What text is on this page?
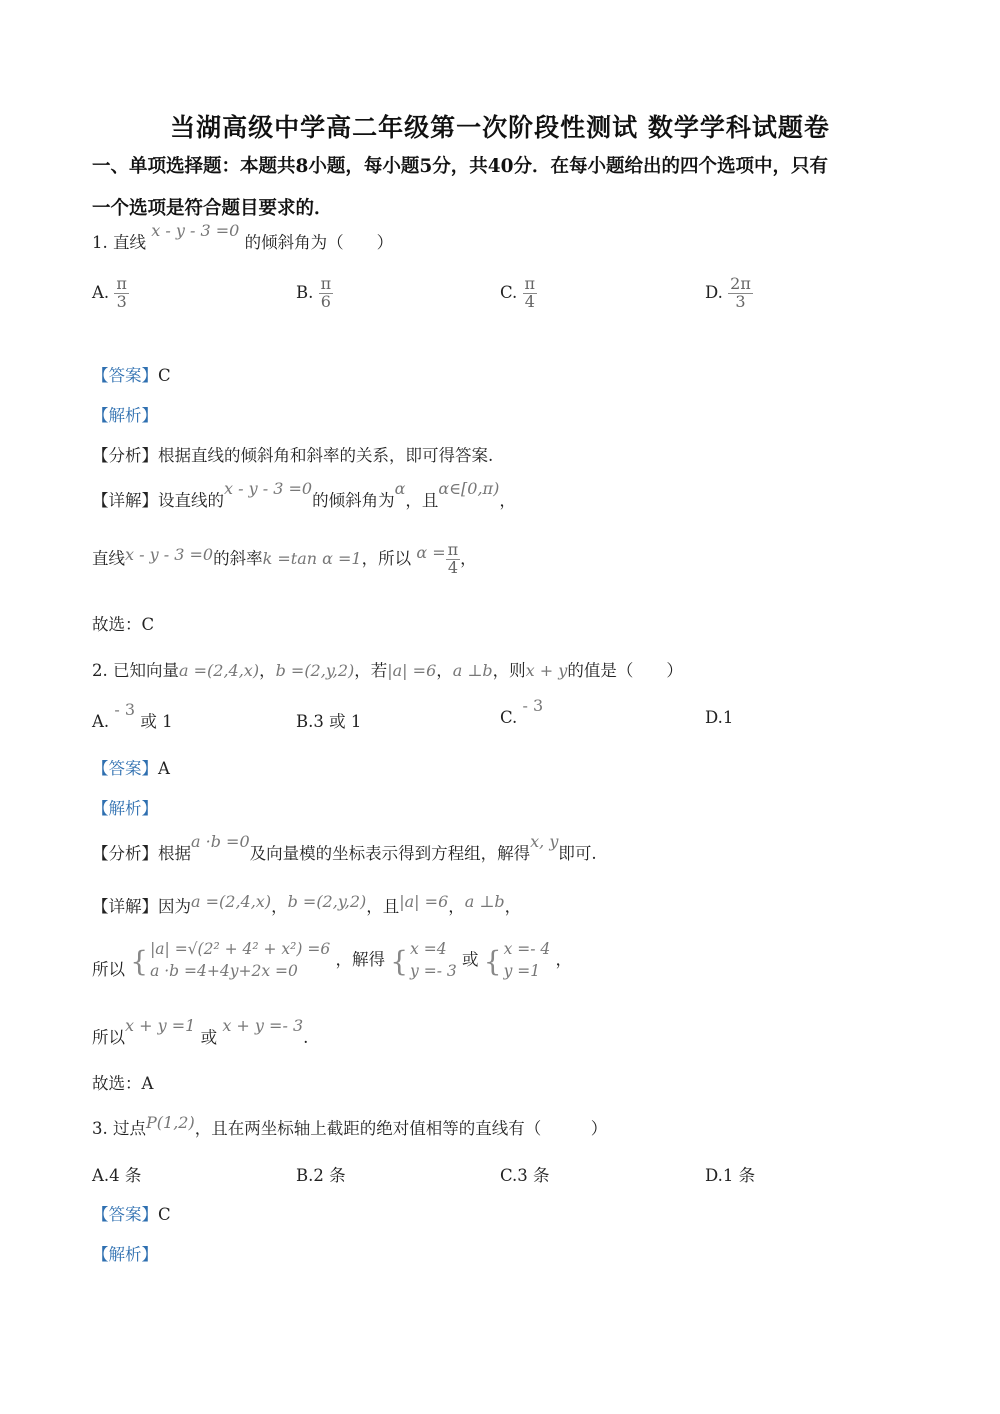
当湖高级中学高二年级第一次阶段性测试 数学学科试题卷
一、单项选择题：本题共8小题，每小题5分，共40分．在每小题给出的四个选项中，只有
一个选项是符合题目要求的．
1. 直线 x - y - 3 =0 的倾斜角为（　　）
A. $\frac{\pi}{3}$	B. $\frac{\pi}{6}$	C. $\frac{\pi}{4}$	D. $\frac{2\pi}{3}$
【答案】C
【解析】
【分析】根据直线的倾斜角和斜率的关系，即可得答案.
【详解】设直线的x - y - 3 =0的倾斜角为α，且α∈[0,π)，
直线x - y - 3 =0的斜率k =tan α =1，所以 $\alpha = \frac{\pi}{4}$ ，
故选：C
2. 已知向量a =(2,4,x)，b =(2,y,2)，若|a| =6，a ⊥b，则x + y的值是（　　）
A. - 3 或 1	B.3 或 1	C. - 3
D.1
【答案】A
【解析】
【分析】根据a ·b =0及向量模的坐标表示得到方程组，解得x, y即可.
【详解】因为a =(2,4,x)，b =(2,y,2)，且|a| =6，a ⊥b，
所以 { |a| =√(2² + 4² + x²) =6
a ·b =4+4y+2x =0
，解得 { x =4
y =- 3
或 { x =- 4
y =1
，
所以x + y =1 或 x + y =- 3.
故选：A
3. 过点P(1,2)，且在两坐标轴上截距的绝对值相等的直线有（　　　）
A.4 条	B.2 条	C.3 条	D.1 条
【答案】C
【解析】
